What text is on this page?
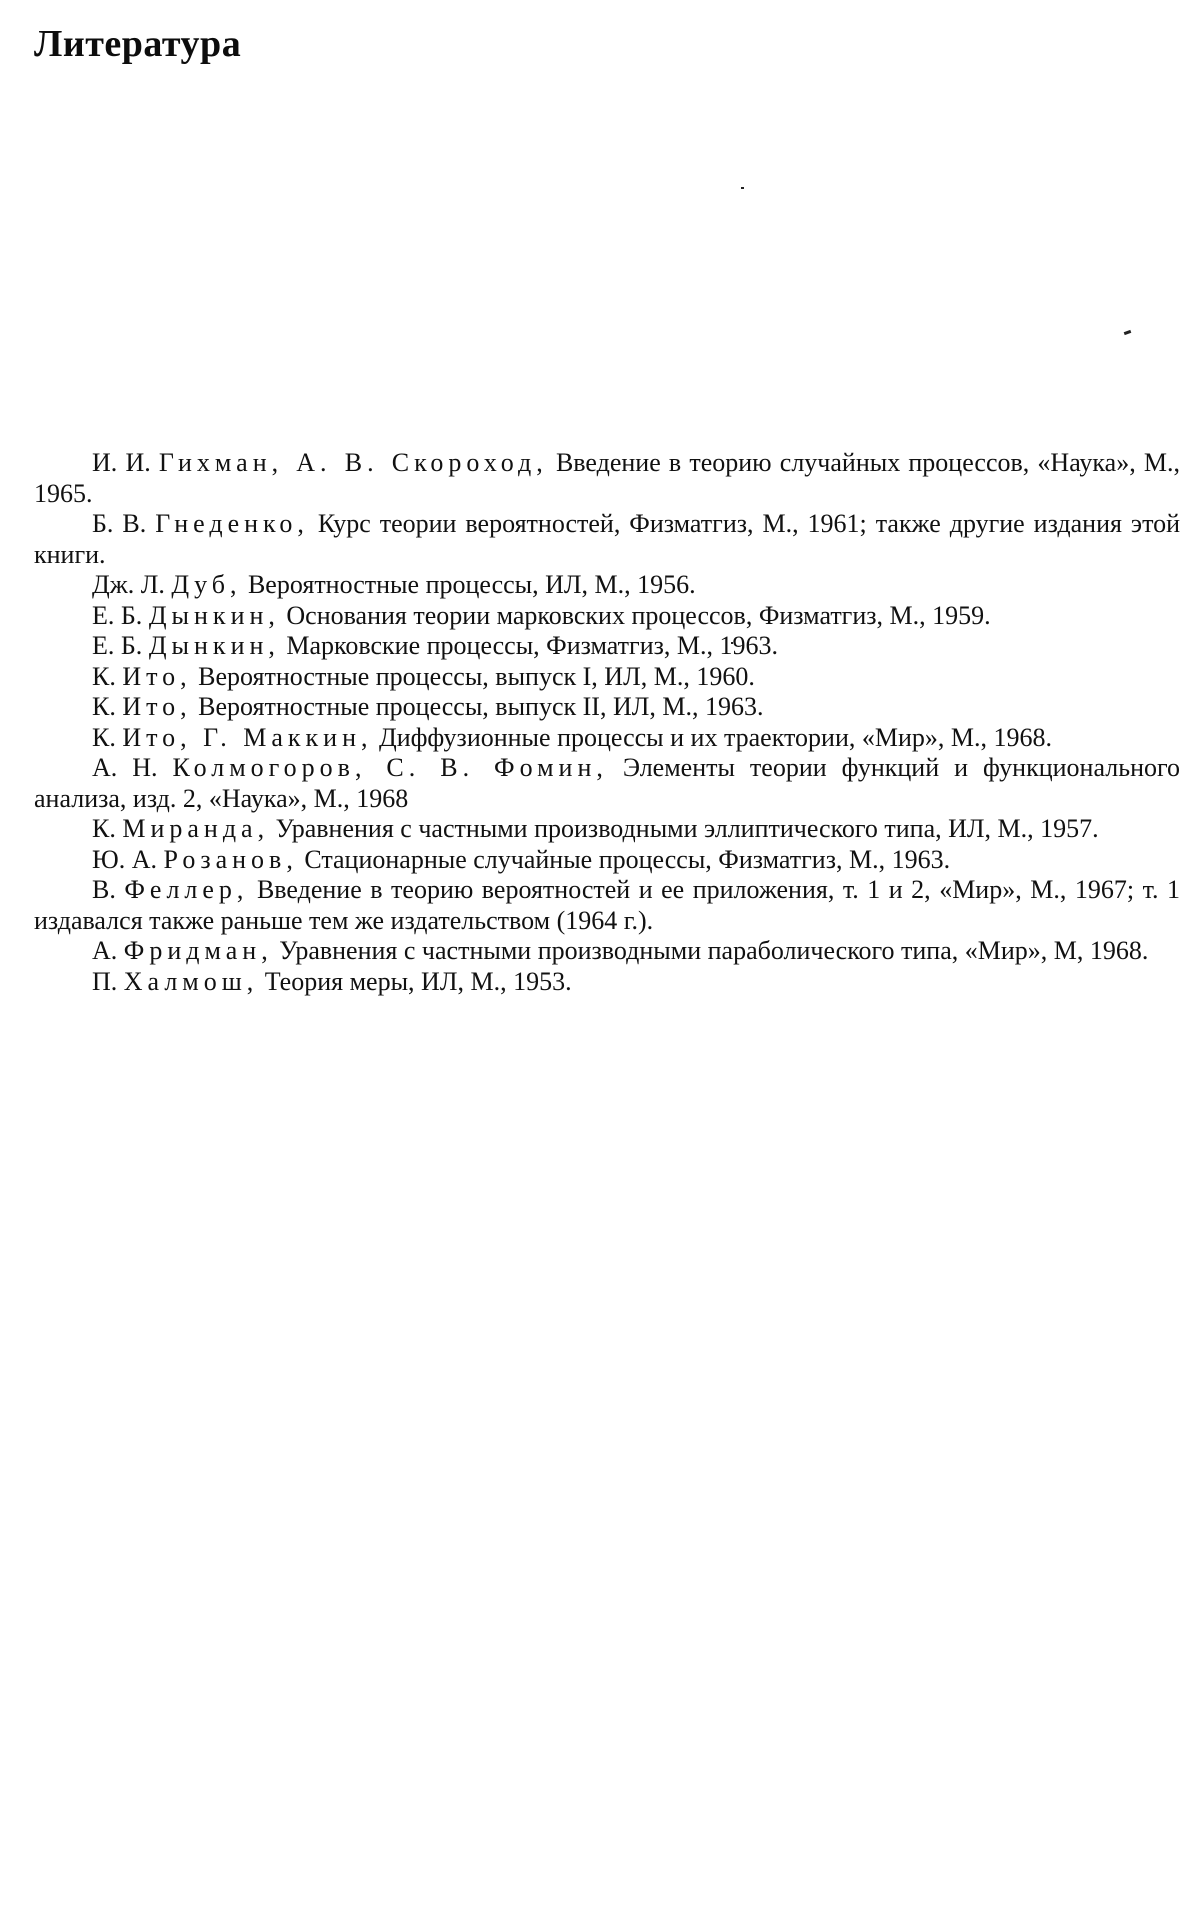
Литература
И. И. Гихман, А. В. Скороход, Введение в теорию случайных процессов, «Наука», М., 1965.
Б. В. Гнеденко, Курс теории вероятностей, Физматгиз, М., 1961; также другие издания этой книги.
Дж. Л. Дуб, Вероятностные процессы, ИЛ, М., 1956.
Е. Б. Дынкин, Основания теории марковских процессов, Физматгиз, М., 1959.
Е. Б. Дынкин, Марковские процессы, Физматгиз, М., 1963.
К. Ито, Вероятностные процессы, выпуск I, ИЛ, М., 1960.
К. Ито, Вероятностные процессы, выпуск II, ИЛ, М., 1963.
К. Ито, Г. Маккин, Диффузионные процессы и их траектории, «Мир», М., 1968.
А. Н. Колмогоров, С. В. Фомин, Элементы теории функций и функционального анализа, изд. 2, «Наука», М., 1968
К. Миранда, Уравнения с частными производными эллиптического типа, ИЛ, М., 1957.
Ю. А. Розанов, Стационарные случайные процессы, Физматгиз, М., 1963.
В. Феллер, Введение в теорию вероятностей и ее приложения, т. 1 и 2, «Мир», М., 1967; т. 1 издавался также раньше тем же издательством (1964 г.).
А. Фридман, Уравнения с частными производными параболического типа, «Мир», М, 1968.
П. Халмош, Теория меры, ИЛ, М., 1953.
